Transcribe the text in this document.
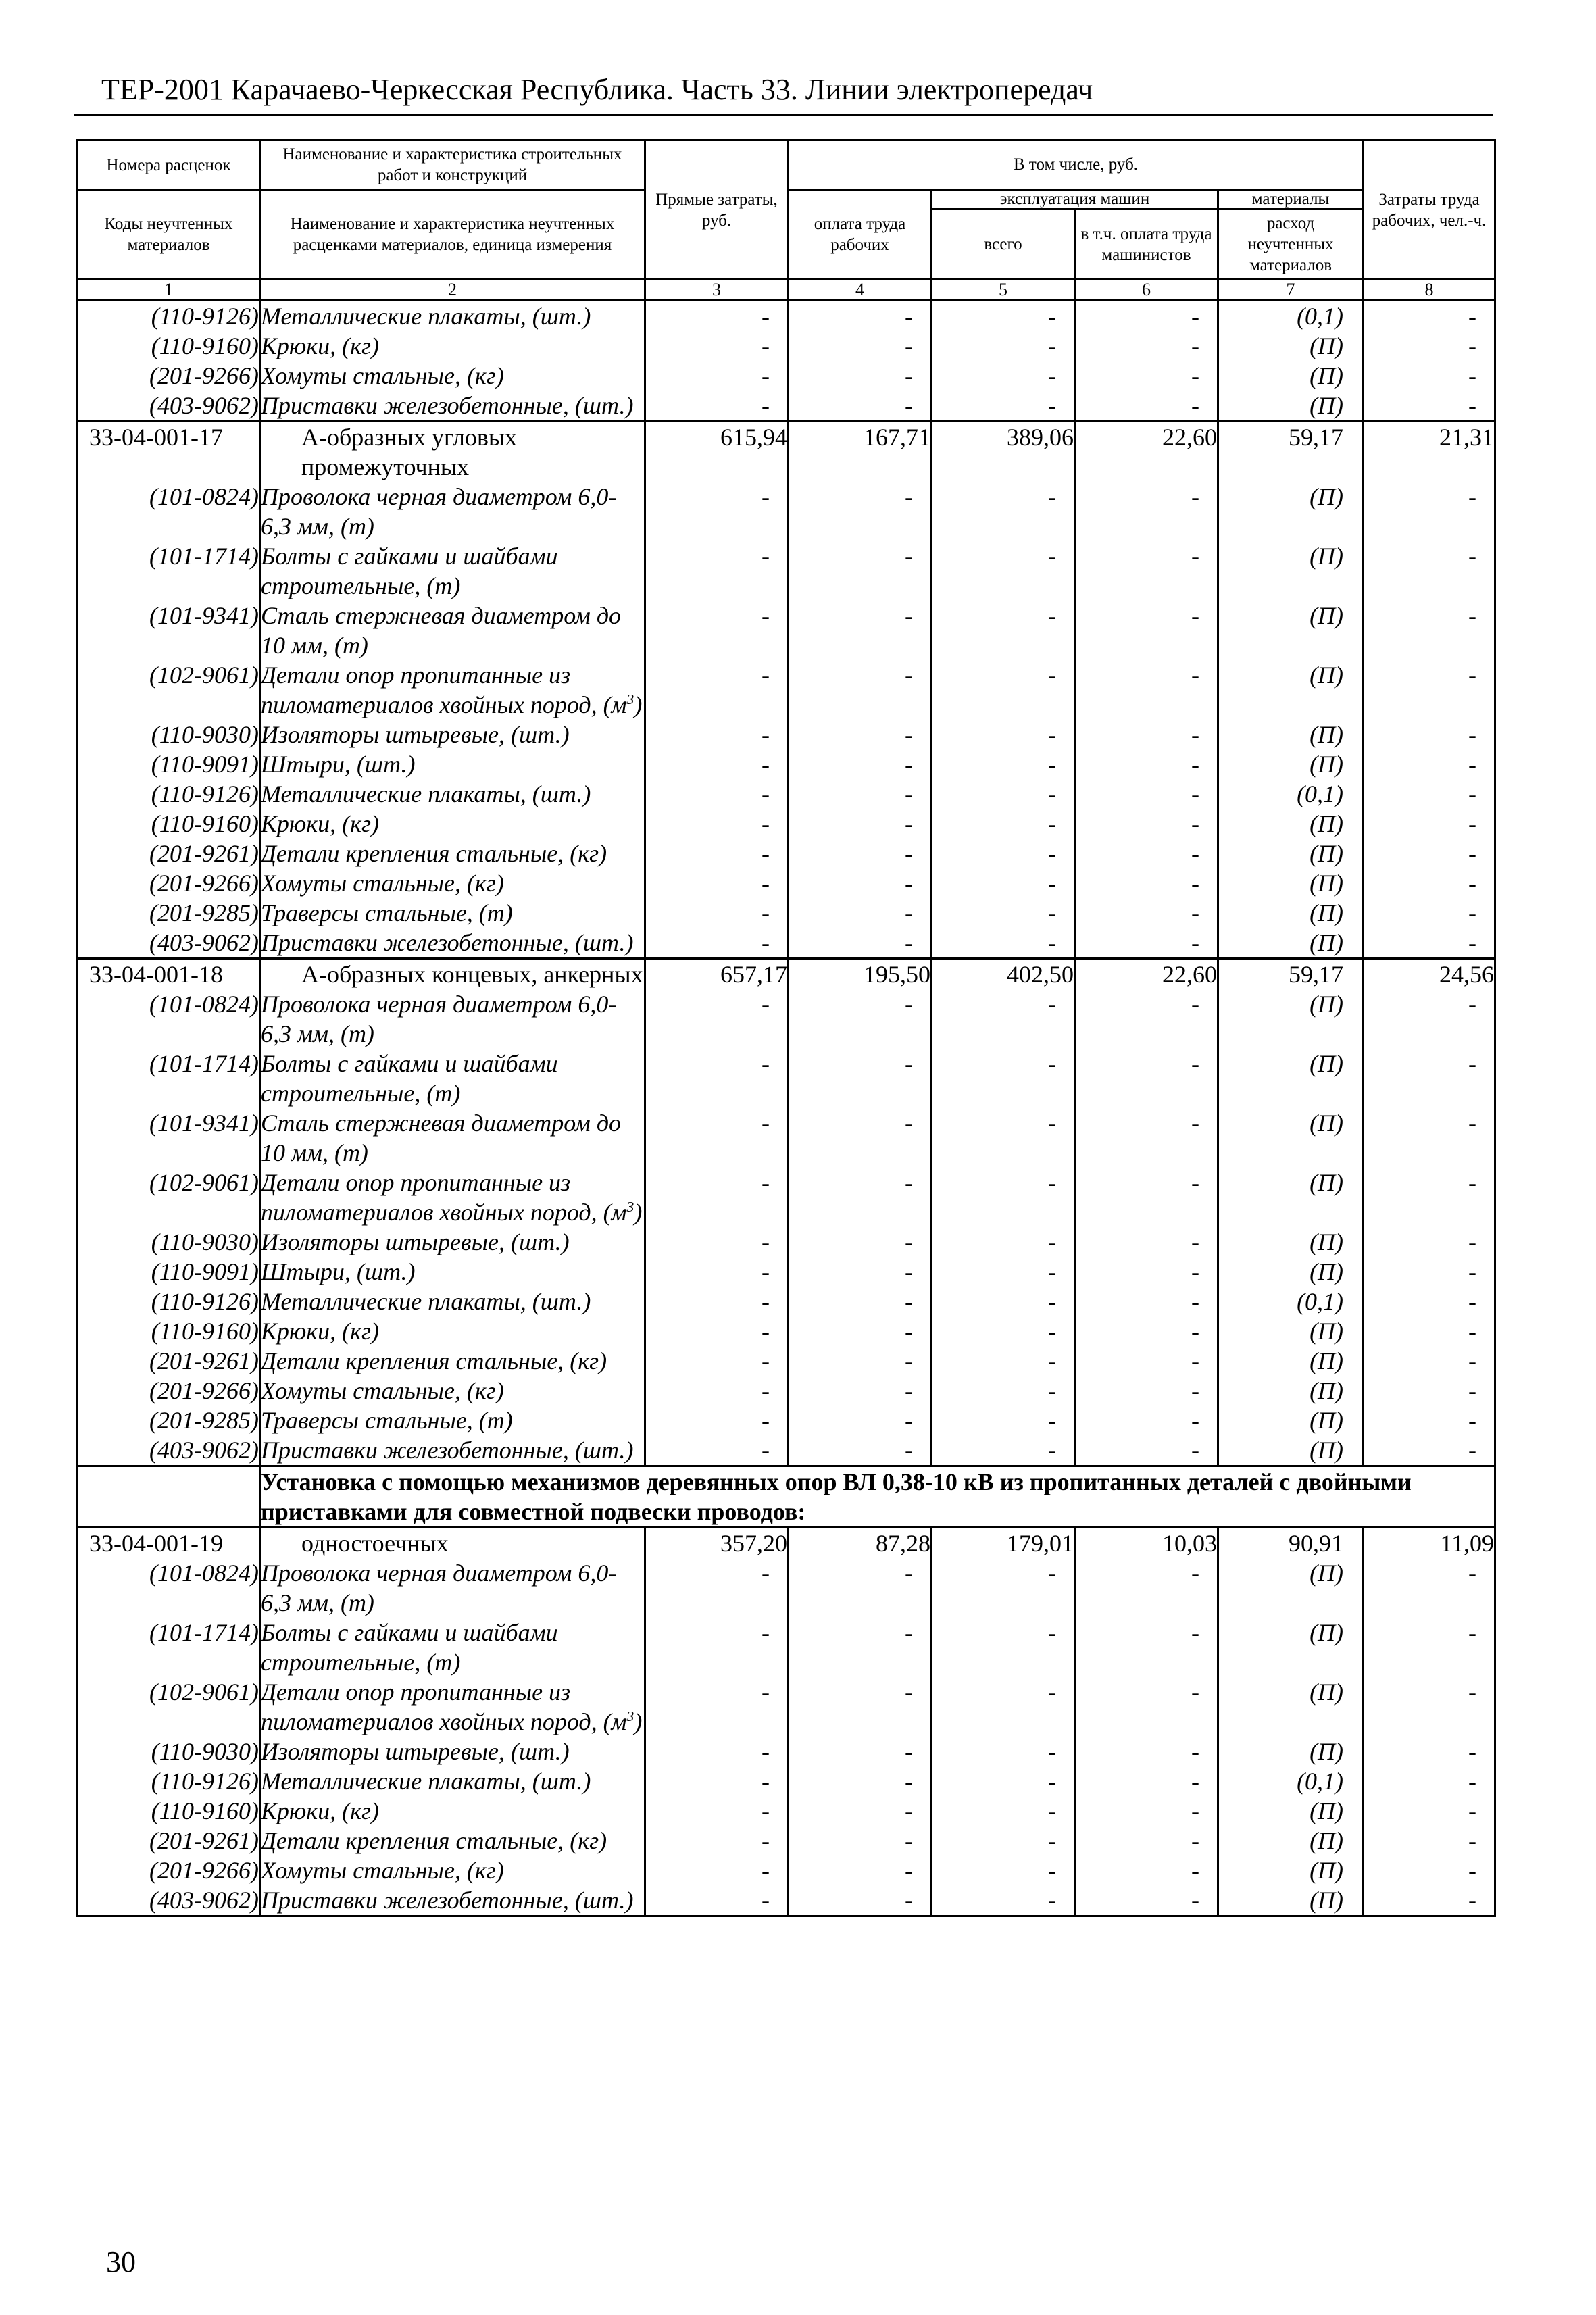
ТЕР-2001 Карачаево-Черкесская Республика. Часть 33. Линии электропередач
Номера расценок	Наименование и характеристика строительных работ и конструкций	Прямые затраты, руб.	В том числе, руб.				Затраты труда рабочих, чел.-ч.
Коды неучтенных материалов	Наименование и характеристика неучтенных расценками материалов, единица измерения		оплата труда рабочих	эксплуатация машин		материалы	
				всего	в т.ч. оплата труда машинистов	расход неучтенных материалов	
1	2	3	4	5	6	7	8
(110-9126)	Металлические плакаты, (шт.)	-	-	-	-	(0,1)	-
(110-9160)	Крюки, (кг)	-	-	-	-	(П)	-
(201-9266)	Хомуты стальные, (кг)	-	-	-	-	(П)	-
(403-9062)	Приставки железобетонные, (шт.)	-	-	-	-	(П)	-
33-04-001-17	А-образных угловых промежуточных	615,94	167,71	389,06	22,60	59,17	21,31
(101-0824)	Проволока черная диаметром 6,0-6,3 мм, (т)	-	-	-	-	(П)	-
(101-1714)	Болты с гайками и шайбами строительные, (т)	-	-	-	-	(П)	-
(101-9341)	Сталь стержневая диаметром до 10 мм, (т)	-	-	-	-	(П)	-
(102-9061)	Детали опор пропитанные из пиломатериалов хвойных пород, $(м^3)$	-	-	-	-	(П)	-
(110-9030)	Изоляторы штыревые, (шт.)	-	-	-	-	(П)	-
(110-9091)	Штыри, (шт.)	-	-	-	-	(П)	-
(110-9126)	Металлические плакаты, (шт.)	-	-	-	-	(0,1)	-
(110-9160)	Крюки, (кг)	-	-	-	-	(П)	-
(201-9261)	Детали крепления стальные, (кг)	-	-	-	-	(П)	-
(201-9266)	Хомуты стальные, (кг)	-	-	-	-	(П)	-
(201-9285)	Траверсы стальные, (т)	-	-	-	-	(П)	-
(403-9062)	Приставки железобетонные, (шт.)	-	-	-	-	(П)	-
33-04-001-18	А-образных концевых, анкерных	657,17	195,50	402,50	22,60	59,17	24,56
(101-0824)	Проволока черная диаметром 6,0-6,3 мм, (т)	-	-	-	-	(П)	-
(101-1714)	Болты с гайками и шайбами строительные, (т)	-	-	-	-	(П)	-
(101-9341)	Сталь стержневая диаметром до 10 мм, (т)	-	-	-	-	(П)	-
(102-9061)	Детали опор пропитанные из пиломатериалов хвойных пород, $(м^3)$	-	-	-	-	(П)	-
(110-9030)	Изоляторы штыревые, (шт.)	-	-	-	-	(П)	-
(110-9091)	Штыри, (шт.)	-	-	-	-	(П)	-
(110-9126)	Металлические плакаты, (шт.)	-	-	-	-	(0,1)	-
(110-9160)	Крюки, (кг)	-	-	-	-	(П)	-
(201-9261)	Детали крепления стальные, (кг)	-	-	-	-	(П)	-
(201-9266)	Хомуты стальные, (кг)	-	-	-	-	(П)	-
(201-9285)	Траверсы стальные, (т)	-	-	-	-	(П)	-
(403-9062)	Приставки железобетонные, (шт.)	-	-	-	-	(П)	-
	Установка с помощью механизмов деревянных опор ВЛ 0,38-10 кВ из пропитанных деталей с двойными приставками для совместной подвески проводов:						
33-04-001-19	одностоечных	357,20	87,28	179,01	10,03	90,91	11,09
(101-0824)	Проволока черная диаметром 6,0-6,3 мм, (т)	-	-	-	-	(П)	-
(101-1714)	Болты с гайками и шайбами строительные, (т)	-	-	-	-	(П)	-
(102-9061)	Детали опор пропитанные из пиломатериалов хвойных пород, $(м^3)$	-	-	-	-	(П)	-
(110-9030)	Изоляторы штыревые, (шт.)	-	-	-	-	(П)	-
(110-9126)	Металлические плакаты, (шт.)	-	-	-	-	(0,1)	-
(110-9160)	Крюки, (кг)	-	-	-	-	(П)	-
(201-9261)	Детали крепления стальные, (кг)	-	-	-	-	(П)	-
(201-9266)	Хомуты стальные, (кг)	-	-	-	-	(П)	-
(403-9062)	Приставки железобетонные, (шт.)	-	-	-	-	(П)	-
30
